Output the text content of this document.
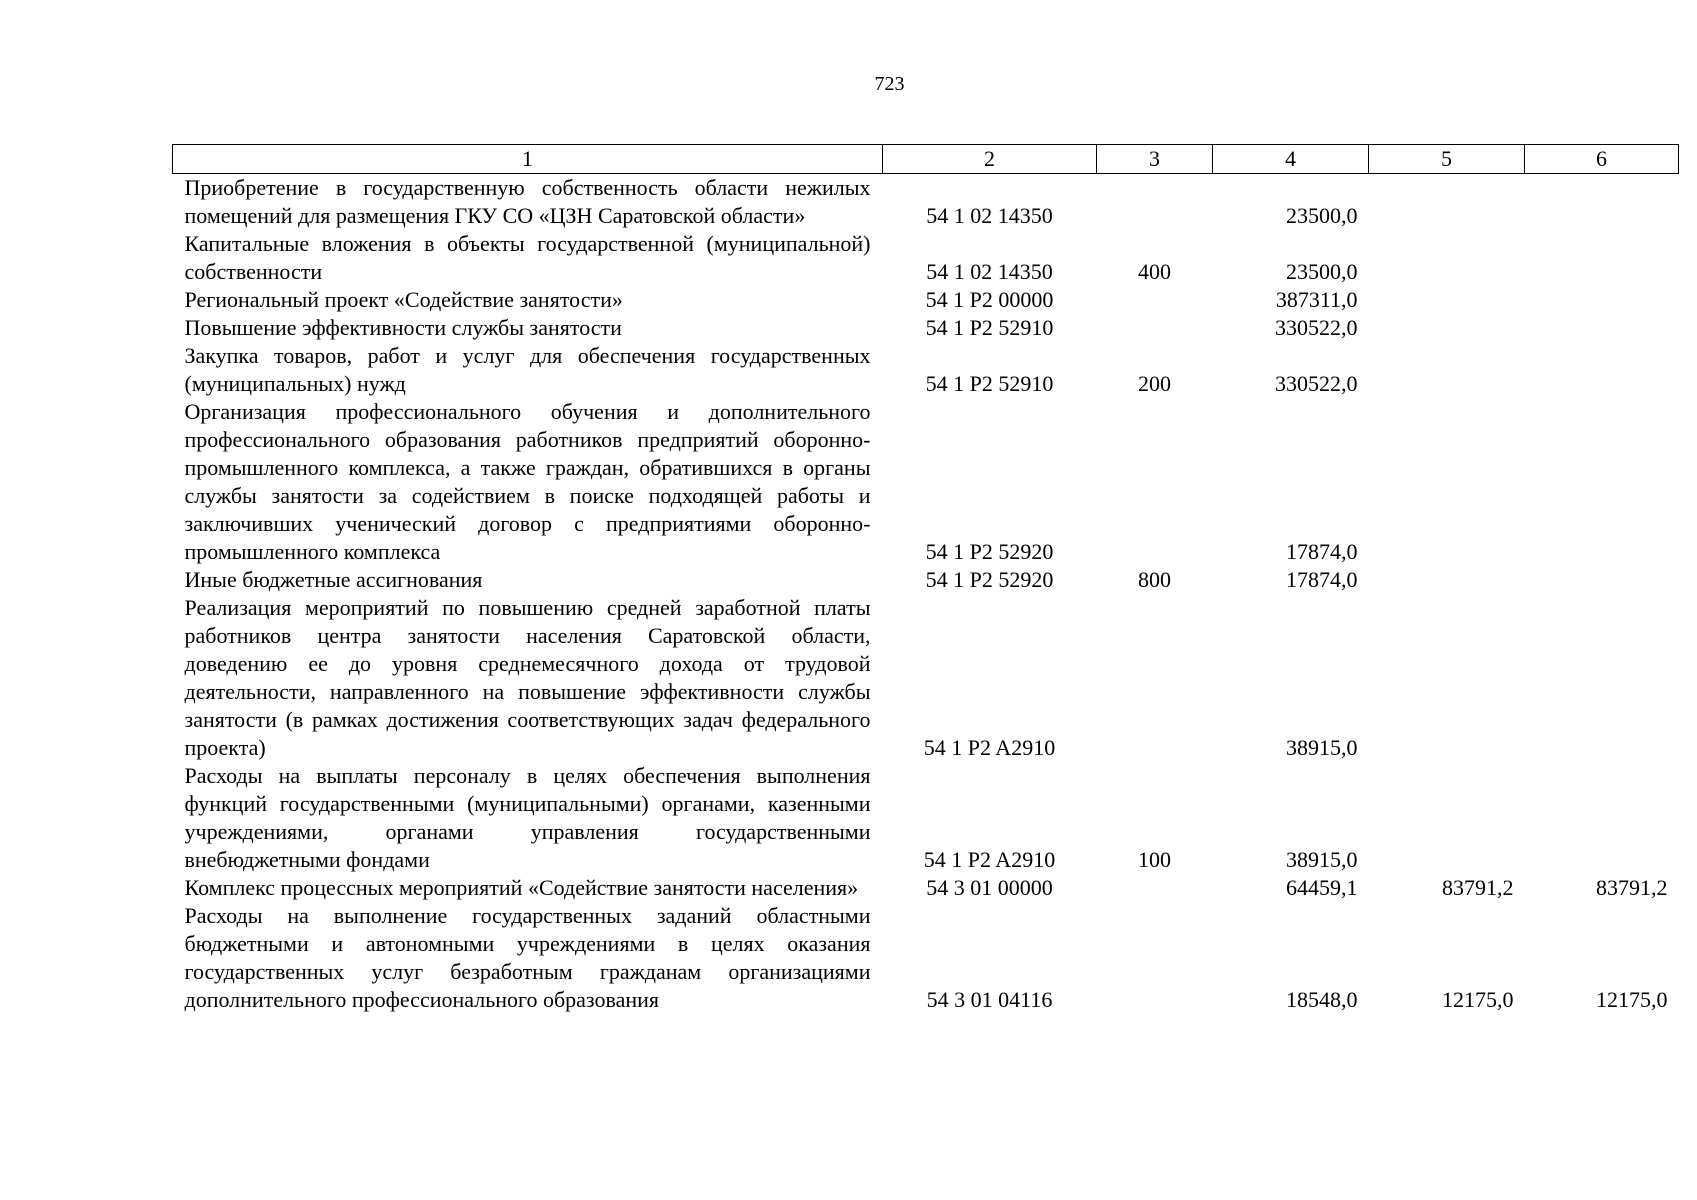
723
1	2	3	4	5	6
Приобретение в государственную собственность области нежилых помещений для размещения ГКУ СО «ЦЗН Саратовской области»	54 1 02 14350		23500,0		
Капитальные вложения в объекты государственной (муниципальной) собственности	54 1 02 14350	400	23500,0		
Региональный проект «Содействие занятости»	54 1 P2 00000		387311,0		
Повышение эффективности службы занятости	54 1 P2 52910		330522,0		
Закупка товаров, работ и услуг для обеспечения государственных (муниципальных) нужд	54 1 P2 52910	200	330522,0		
Организация профессионального обучения и дополнительного профессионального образования работников предприятий оборонно-промышленного комплекса, а также граждан, обратившихся в органы службы занятости за содействием в поиске подходящей работы и заключивших ученический договор с предприятиями оборонно-промышленного комплекса	54 1 P2 52920		17874,0		
Иные бюджетные ассигнования	54 1 P2 52920	800	17874,0		
Реализация мероприятий по повышению средней заработной платы работников центра занятости населения Саратовской области, доведению ее до уровня среднемесячного дохода от трудовой деятельности, направленного на повышение эффективности службы занятости (в рамках достижения соответствующих задач федерального проекта)	54 1 P2 A2910		38915,0		
Расходы на выплаты персоналу в целях обеспечения выполнения функций государственными (муниципальными) органами, казенными учреждениями, органами управления государственными внебюджетными фондами	54 1 P2 A2910	100	38915,0		
Комплекс процессных мероприятий «Содействие занятости населения»	54 3 01 00000		64459,1	83791,2	83791,2
Расходы на выполнение государственных заданий областными бюджетными и автономными учреждениями в целях оказания государственных услуг безработным гражданам организациями дополнительного профессионального образования	54 3 01 04116		18548,0	12175,0	12175,0
